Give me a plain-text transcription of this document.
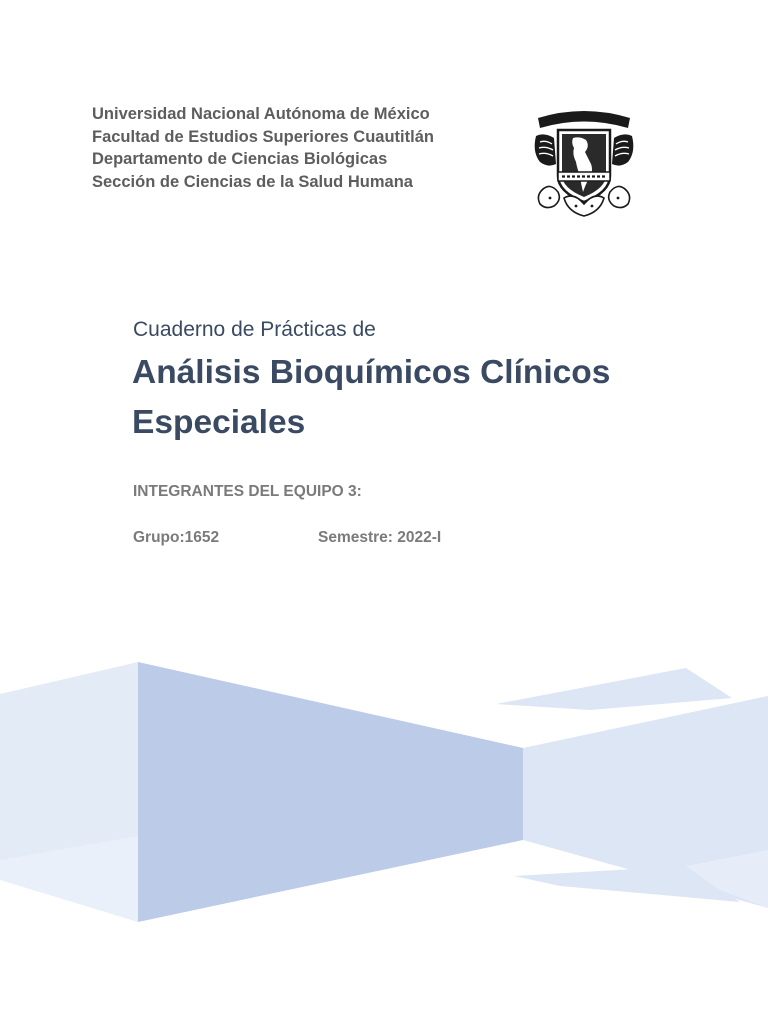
Universidad Nacional Autónoma de México
Facultad de Estudios Superiores Cuautitlán
Departamento de Ciencias Biológicas
Sección de Ciencias de la Salud Humana
Cuaderno de Prácticas de
Análisis Bioquímicos Clínicos
Especiales
INTEGRANTES DEL EQUIPO 3:
Grupo:1652	Semestre: 2022-I
